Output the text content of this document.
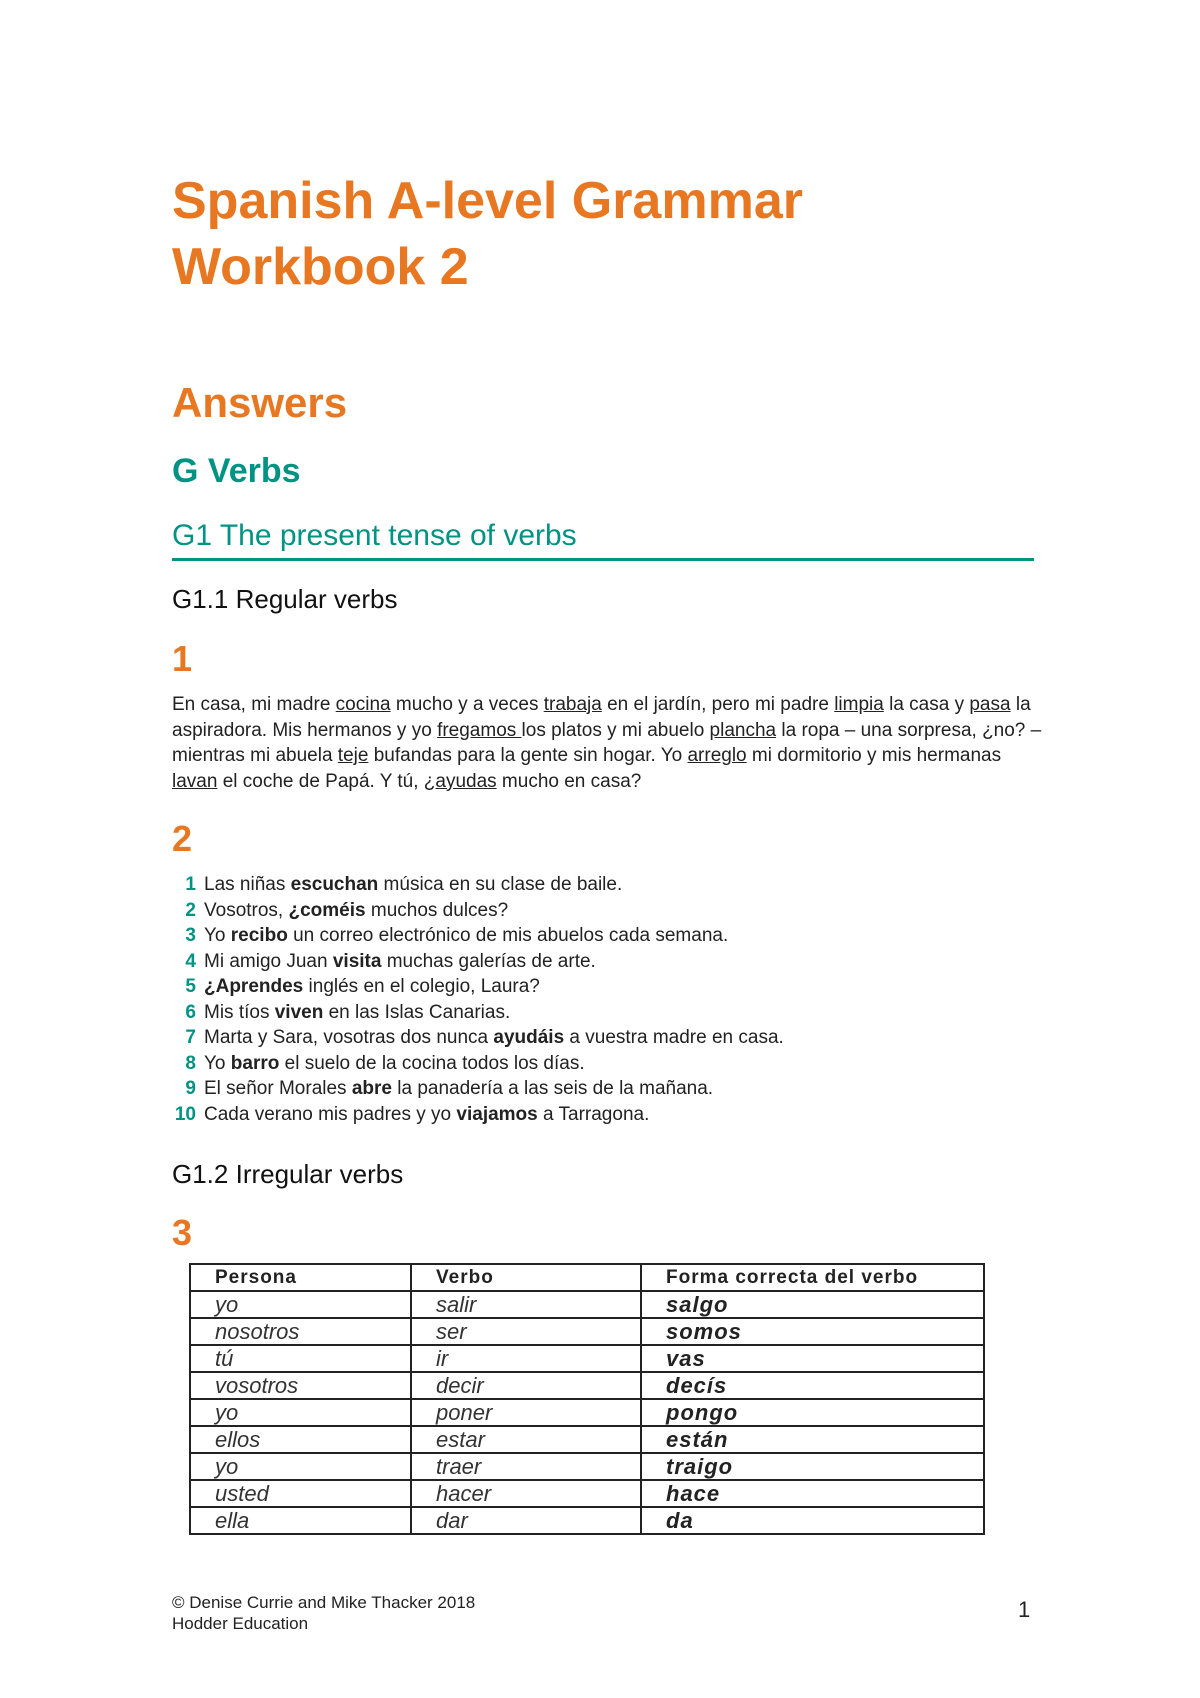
Spanish A-level Grammar
Workbook 2
Answers
G Verbs
G1 The present tense of verbs
G1.1 Regular verbs
1

En casa, mi madre cocina mucho y a veces trabaja en el jardín, pero mi padre limpia la casa y pasa la aspiradora. Mis hermanos y yo fregamos los platos y mi abuelo plancha la ropa – una sorpresa, ¿no? – mientras mi abuela teje bufandas para la gente sin hogar. Yo arreglo mi dormitorio y mis hermanas lavan el coche de Papá. Y tú, ¿ayudas mucho en casa?

2
1 Las niñas escuchan música en su clase de baile.
2 Vosotros, ¿coméis muchos dulces?
3 Yo recibo un correo electrónico de mis abuelos cada semana.
4 Mi amigo Juan visita muchas galerías de arte.
5 ¿Aprendes inglés en el colegio, Laura?
6 Mis tíos viven en las Islas Canarias.
7 Marta y Sara, vosotras dos nunca ayudáis a vuestra madre en casa.
8 Yo barro el suelo de la cocina todos los días.
9 El señor Morales abre la panadería a las seis de la mañana.
10 Cada verano mis padres y yo viajamos a Tarragona.
G1.2 Irregular verbs
3
Persona	Verbo	Forma correcta del verbo
yo	salir	salgo
nosotros	ser	somos
tú	ir	vas
vosotros	decir	decís
yo	poner	pongo
ellos	estar	están
yo	traer	traigo
usted	hacer	hace
ella	dar	da
© Denise Currie and Mike Thacker 2018
Hodder Education
1
